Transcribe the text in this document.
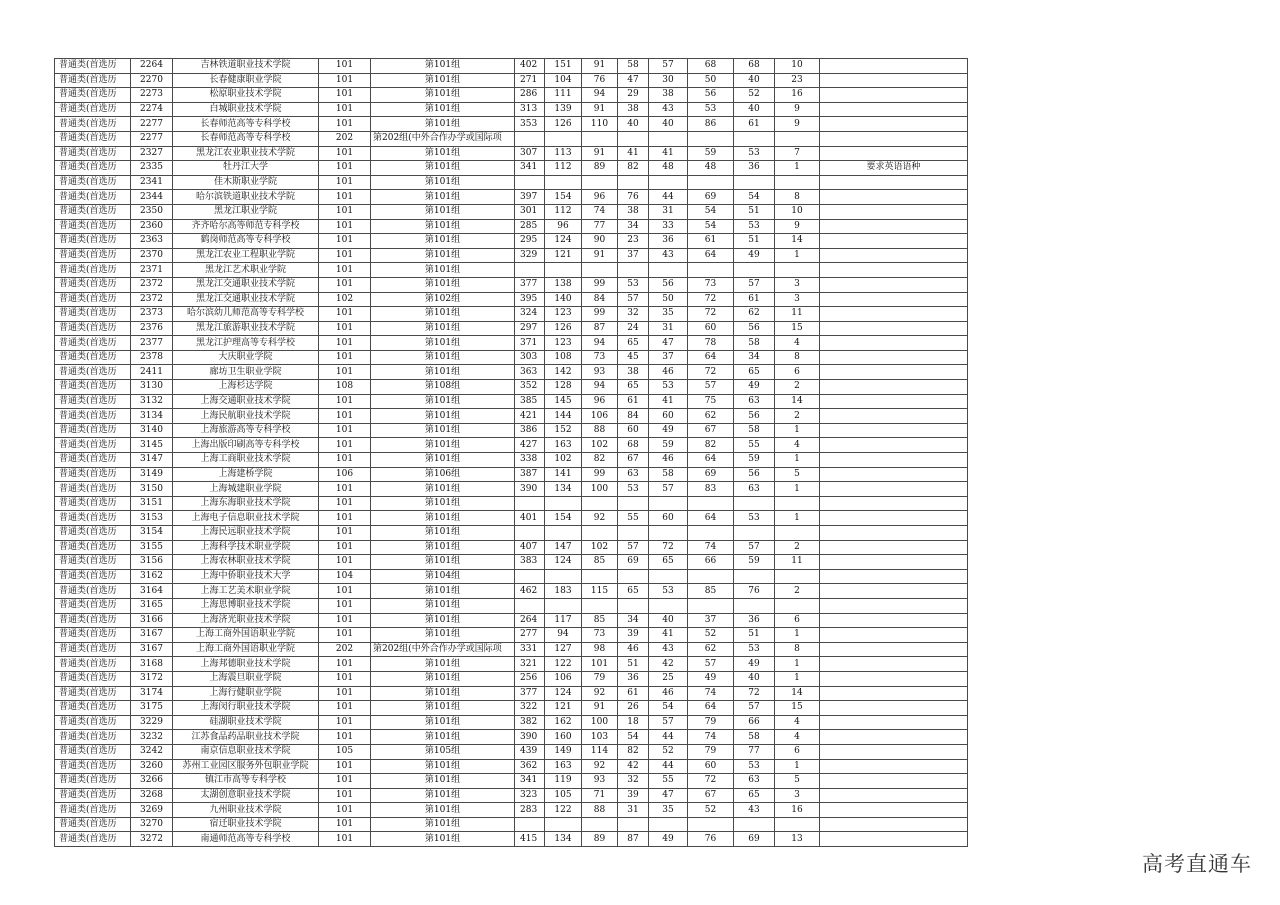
普通类(首选历	2264	吉林铁道职业技术学院	101	第101组	402	151	91	58	57	68	68	10	
普通类(首选历	2270	长春健康职业学院	101	第101组	271	104	76	47	30	50	40	23	
普通类(首选历	2273	松原职业技术学院	101	第101组	286	111	94	29	38	56	52	16	
普通类(首选历	2274	白城职业技术学院	101	第101组	313	139	91	38	43	53	40	9	
普通类(首选历	2277	长春师范高等专科学校	101	第101组	353	126	110	40	40	86	61	9	
普通类(首选历	2277	长春师范高等专科学校	202	第202组(中外合作办学或国际项									
普通类(首选历	2327	黑龙江农业职业技术学院	101	第101组	307	113	91	41	41	59	53	7	
普通类(首选历	2335	牡丹江大学	101	第101组	341	112	89	82	48	48	36	1	要求英语语种
普通类(首选历	2341	佳木斯职业学院	101	第101组									
普通类(首选历	2344	哈尔滨铁道职业技术学院	101	第101组	397	154	96	76	44	69	54	8	
普通类(首选历	2350	黑龙江职业学院	101	第101组	301	112	74	38	31	54	51	10	
普通类(首选历	2360	齐齐哈尔高等师范专科学校	101	第101组	285	96	77	34	33	54	53	9	
普通类(首选历	2363	鹤岗师范高等专科学校	101	第101组	295	124	90	23	36	61	51	14	
普通类(首选历	2370	黑龙江农业工程职业学院	101	第101组	329	121	91	37	43	64	49	1	
普通类(首选历	2371	黑龙江艺术职业学院	101	第101组									
普通类(首选历	2372	黑龙江交通职业技术学院	101	第101组	377	138	99	53	56	73	57	3	
普通类(首选历	2372	黑龙江交通职业技术学院	102	第102组	395	140	84	57	50	72	61	3	
普通类(首选历	2373	哈尔滨幼儿师范高等专科学校	101	第101组	324	123	99	32	35	72	62	11	
普通类(首选历	2376	黑龙江旅游职业技术学院	101	第101组	297	126	87	24	31	60	56	15	
普通类(首选历	2377	黑龙江护理高等专科学校	101	第101组	371	123	94	65	47	78	58	4	
普通类(首选历	2378	大庆职业学院	101	第101组	303	108	73	45	37	64	34	8	
普通类(首选历	2411	廊坊卫生职业学院	101	第101组	363	142	93	38	46	72	65	6	
普通类(首选历	3130	上海杉达学院	108	第108组	352	128	94	65	53	57	49	2	
普通类(首选历	3132	上海交通职业技术学院	101	第101组	385	145	96	61	41	75	63	14	
普通类(首选历	3134	上海民航职业技术学院	101	第101组	421	144	106	84	60	62	56	2	
普通类(首选历	3140	上海旅游高等专科学校	101	第101组	386	152	88	60	49	67	58	1	
普通类(首选历	3145	上海出版印刷高等专科学校	101	第101组	427	163	102	68	59	82	55	4	
普通类(首选历	3147	上海工商职业技术学院	101	第101组	338	102	82	67	46	64	59	1	
普通类(首选历	3149	上海建桥学院	106	第106组	387	141	99	63	58	69	56	5	
普通类(首选历	3150	上海城建职业学院	101	第101组	390	134	100	53	57	83	63	1	
普通类(首选历	3151	上海东海职业技术学院	101	第101组									
普通类(首选历	3153	上海电子信息职业技术学院	101	第101组	401	154	92	55	60	64	53	1	
普通类(首选历	3154	上海民远职业技术学院	101	第101组									
普通类(首选历	3155	上海科学技术职业学院	101	第101组	407	147	102	57	72	74	57	2	
普通类(首选历	3156	上海农林职业技术学院	101	第101组	383	124	85	69	65	66	59	11	
普通类(首选历	3162	上海中侨职业技术大学	104	第104组									
普通类(首选历	3164	上海工艺美术职业学院	101	第101组	462	183	115	65	53	85	76	2	
普通类(首选历	3165	上海思博职业技术学院	101	第101组									
普通类(首选历	3166	上海济光职业技术学院	101	第101组	264	117	85	34	40	37	36	6	
普通类(首选历	3167	上海工商外国语职业学院	101	第101组	277	94	73	39	41	52	51	1	
普通类(首选历	3167	上海工商外国语职业学院	202	第202组(中外合作办学或国际项	331	127	98	46	43	62	53	8	
普通类(首选历	3168	上海邦德职业技术学院	101	第101组	321	122	101	51	42	57	49	1	
普通类(首选历	3172	上海震旦职业学院	101	第101组	256	106	79	36	25	49	40	1	
普通类(首选历	3174	上海行健职业学院	101	第101组	377	124	92	61	46	74	72	14	
普通类(首选历	3175	上海闵行职业技术学院	101	第101组	322	121	91	26	54	64	57	15	
普通类(首选历	3229	硅湖职业技术学院	101	第101组	382	162	100	18	57	79	66	4	
普通类(首选历	3232	江苏食品药品职业技术学院	101	第101组	390	160	103	54	44	74	58	4	
普通类(首选历	3242	南京信息职业技术学院	105	第105组	439	149	114	82	52	79	77	6	
普通类(首选历	3260	苏州工业园区服务外包职业学院	101	第101组	362	163	92	42	44	60	53	1	
普通类(首选历	3266	镇江市高等专科学校	101	第101组	341	119	93	32	55	72	63	5	
普通类(首选历	3268	太湖创意职业技术学院	101	第101组	323	105	71	39	47	67	65	3	
普通类(首选历	3269	九州职业技术学院	101	第101组	283	122	88	31	35	52	43	16	
普通类(首选历	3270	宿迁职业技术学院	101	第101组									
普通类(首选历	3272	南通师范高等专科学校	101	第101组	415	134	89	87	49	76	69	13	
高考直通车
